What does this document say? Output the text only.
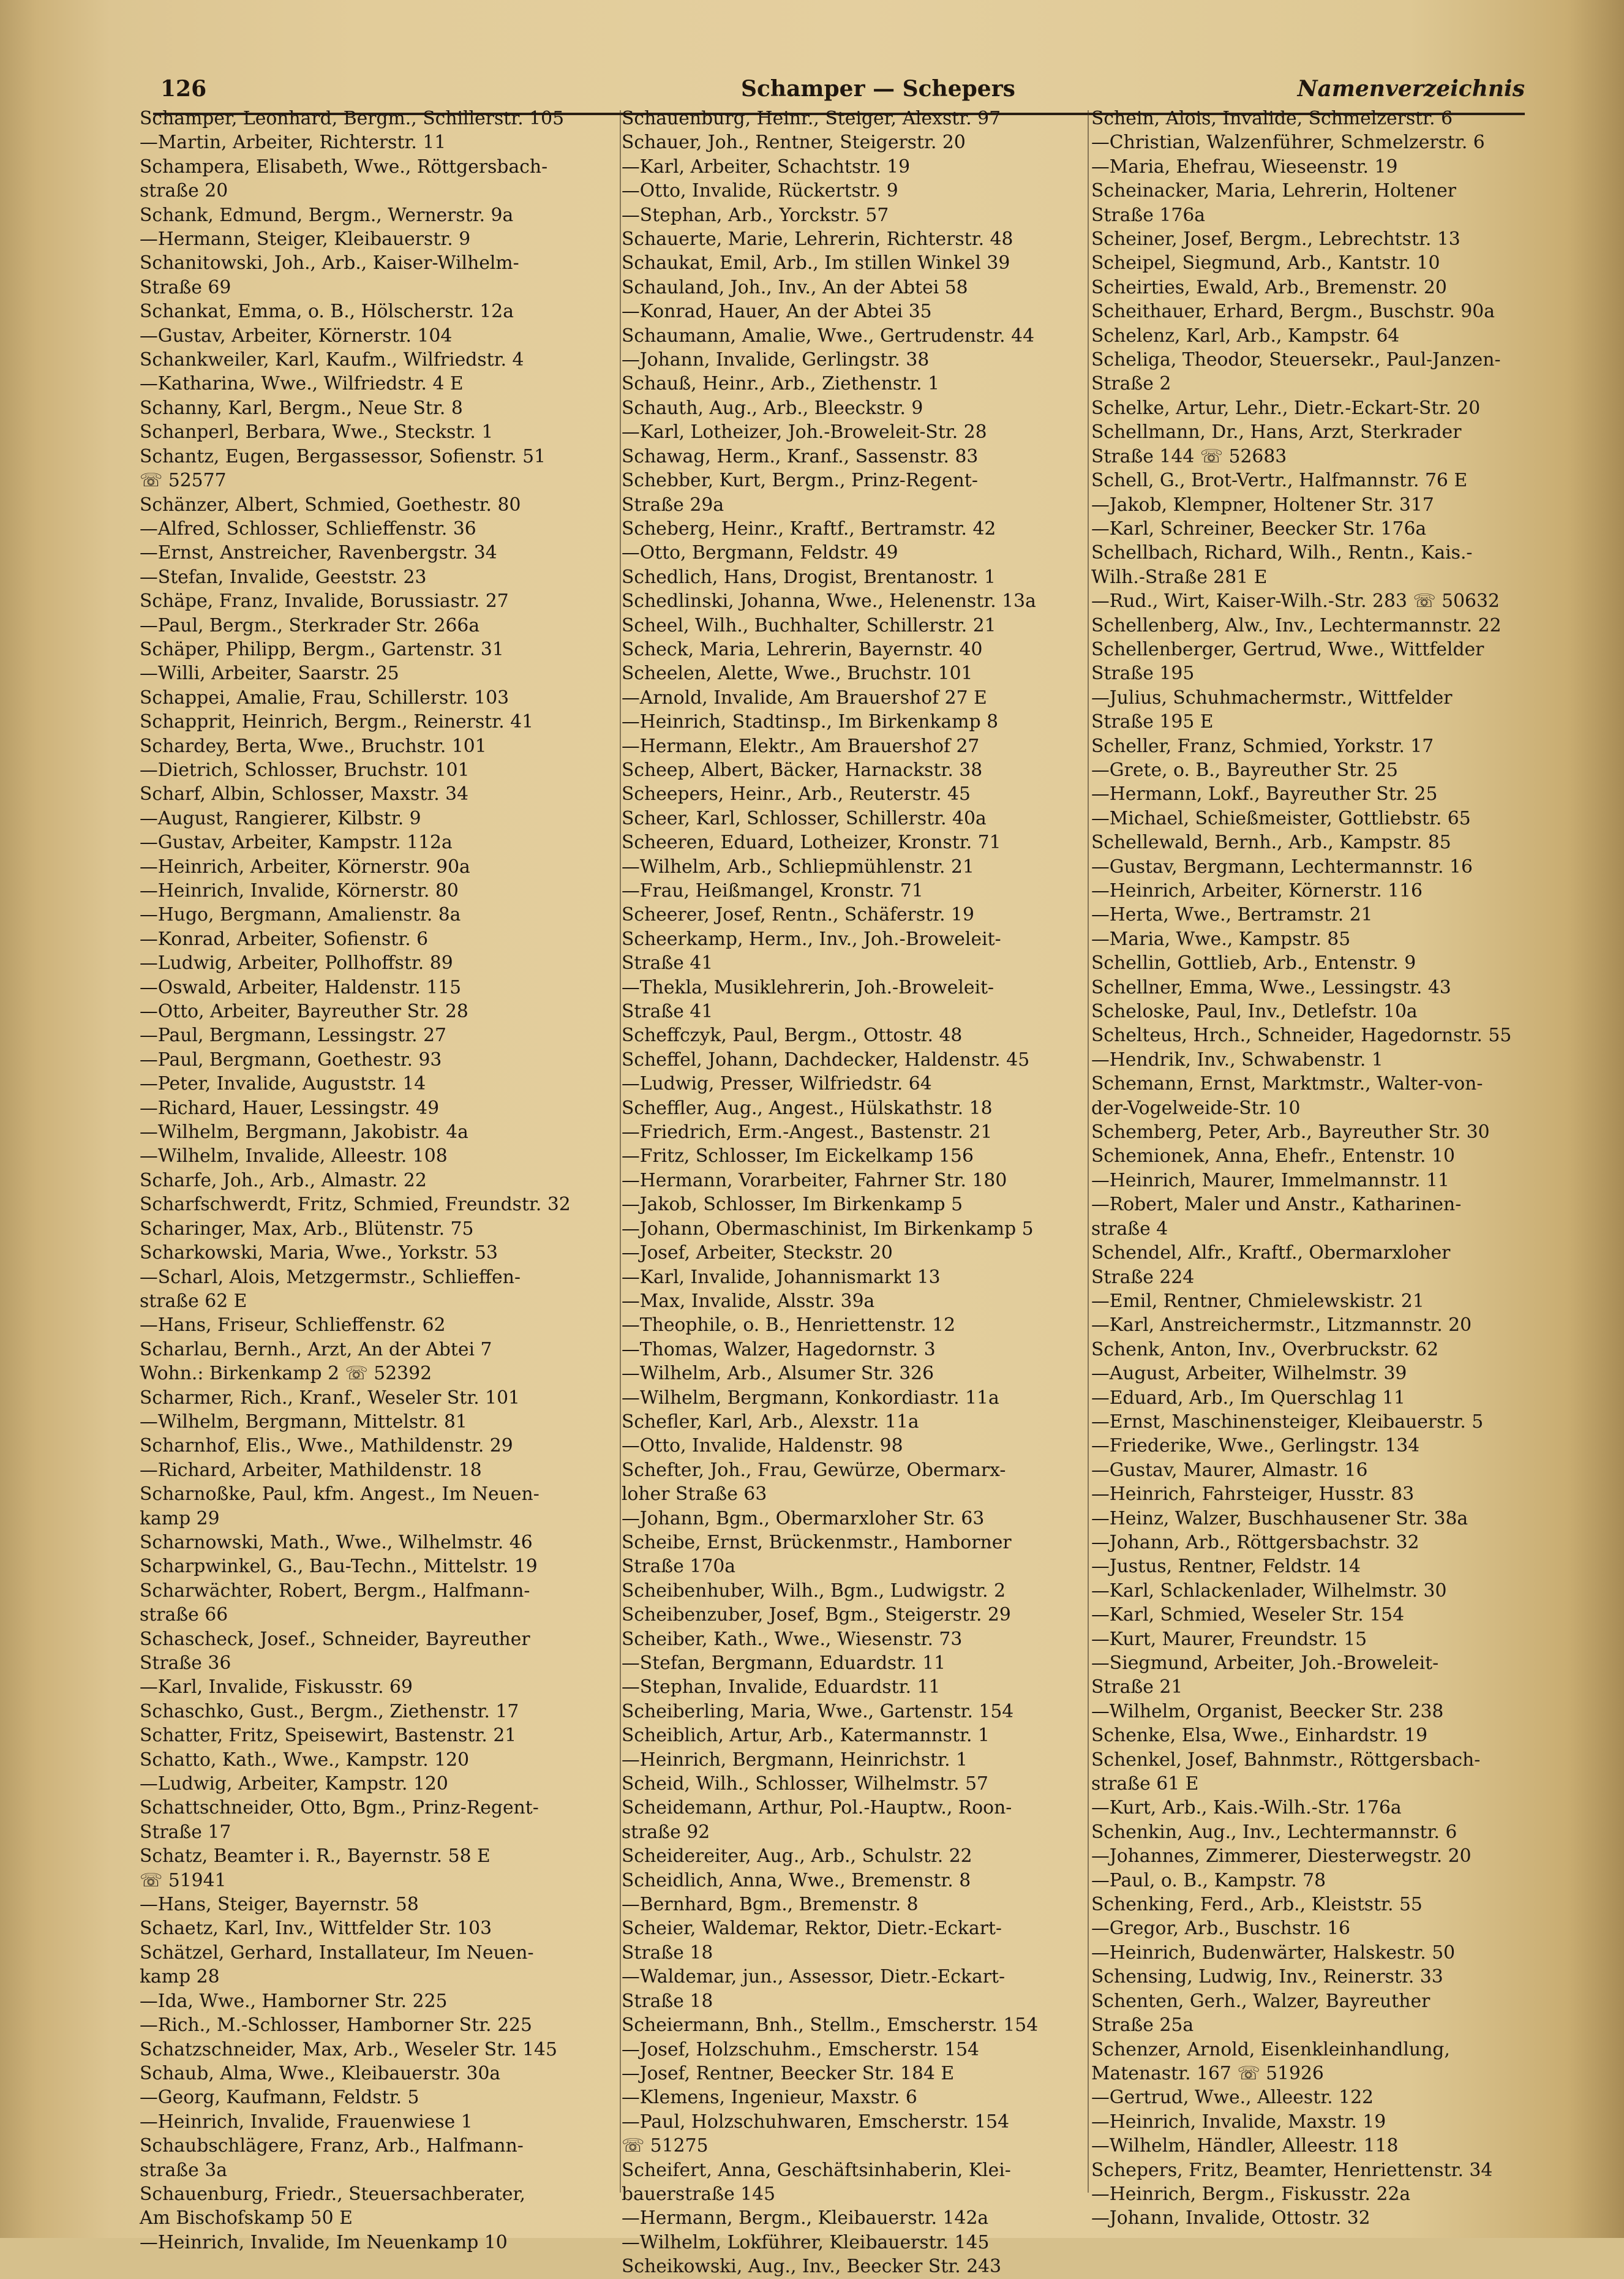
126	Schamper — Schepers	Namenverzeichnis
Schamper, Leonhard, Bergm., Schillerstr. 105
—Martin, Arbeiter, Richterstr. 11
Schampera, Elisabeth, Wwe., Röttgersbach-
straße 20
Schank, Edmund, Bergm., Wernerstr. 9a
—Hermann, Steiger, Kleibauerstr. 9
Schanitowski, Joh., Arb., Kaiser-Wilhelm-
Straße 69
Schankat, Emma, o. B., Hölscherstr. 12a
—Gustav, Arbeiter, Körnerstr. 104
Schankweiler, Karl, Kaufm., Wilfriedstr. 4
—Katharina, Wwe., Wilfriedstr. 4 E
Schanny, Karl, Bergm., Neue Str. 8
Schanperl, Berbara, Wwe., Steckstr. 1
Schantz, Eugen, Bergassessor, Sofienstr. 51
☏ 52577
Schänzer, Albert, Schmied, Goethestr. 80
—Alfred, Schlosser, Schlieffenstr. 36
—Ernst, Anstreicher, Ravenbergstr. 34
—Stefan, Invalide, Geeststr. 23
Schäpe, Franz, Invalide, Borussiastr. 27
—Paul, Bergm., Sterkrader Str. 266a
Schäper, Philipp, Bergm., Gartenstr. 31
—Willi, Arbeiter, Saarstr. 25
Schappei, Amalie, Frau, Schillerstr. 103
Schapprit, Heinrich, Bergm., Reinerstr. 41
Schardey, Berta, Wwe., Bruchstr. 101
—Dietrich, Schlosser, Bruchstr. 101
Scharf, Albin, Schlosser, Maxstr. 34
—August, Rangierer, Kilbstr. 9
—Gustav, Arbeiter, Kampstr. 112a
—Heinrich, Arbeiter, Körnerstr. 90a
—Heinrich, Invalide, Körnerstr. 80
—Hugo, Bergmann, Amalienstr. 8a
—Konrad, Arbeiter, Sofienstr. 6
—Ludwig, Arbeiter, Pollhoffstr. 89
—Oswald, Arbeiter, Haldenstr. 115
—Otto, Arbeiter, Bayreuther Str. 28
—Paul, Bergmann, Lessingstr. 27
—Paul, Bergmann, Goethestr. 93
—Peter, Invalide, Auguststr. 14
—Richard, Hauer, Lessingstr. 49
—Wilhelm, Bergmann, Jakobistr. 4a
—Wilhelm, Invalide, Alleestr. 108
Scharfe, Joh., Arb., Almastr. 22
Scharfschwerdt, Fritz, Schmied, Freundstr. 32
Scharinger, Max, Arb., Blütenstr. 75
Scharkowski, Maria, Wwe., Yorkstr. 53
—Scharl, Alois, Metzgermstr., Schlieffen-
straße 62 E
—Hans, Friseur, Schlieffenstr. 62
Scharlau, Bernh., Arzt, An der Abtei 7
Wohn.: Birkenkamp 2 ☏ 52392
Scharmer, Rich., Kranf., Weseler Str. 101
—Wilhelm, Bergmann, Mittelstr. 81
Scharnhof, Elis., Wwe., Mathildenstr. 29
—Richard, Arbeiter, Mathildenstr. 18
Scharnoßke, Paul, kfm. Angest., Im Neuen-
kamp 29
Scharnowski, Math., Wwe., Wilhelmstr. 46
Scharpwinkel, G., Bau-Techn., Mittelstr. 19
Scharwächter, Robert, Bergm., Halfmann-
straße 66
Schascheck, Josef., Schneider, Bayreuther
Straße 36
—Karl, Invalide, Fiskusstr. 69
Schaschko, Gust., Bergm., Ziethenstr. 17
Schatter, Fritz, Speisewirt, Bastenstr. 21
Schatto, Kath., Wwe., Kampstr. 120
—Ludwig, Arbeiter, Kampstr. 120
Schattschneider, Otto, Bgm., Prinz-Regent-
Straße 17
Schatz, Beamter i. R., Bayernstr. 58 E
☏ 51941
—Hans, Steiger, Bayernstr. 58
Schaetz, Karl, Inv., Wittfelder Str. 103
Schätzel, Gerhard, Installateur, Im Neuen-
kamp 28
—Ida, Wwe., Hamborner Str. 225
—Rich., M.-Schlosser, Hamborner Str. 225
Schatzschneider, Max, Arb., Weseler Str. 145
Schaub, Alma, Wwe., Kleibauerstr. 30a
—Georg, Kaufmann, Feldstr. 5
—Heinrich, Invalide, Frauenwiese 1
Schaubschlägere, Franz, Arb., Halfmann-
straße 3a
Schauenburg, Friedr., Steuersachberater,
Am Bischofskamp 50 E
—Heinrich, Invalide, Im Neuenkamp 10
Schauenburg, Heinr., Steiger, Alexstr. 97
Schauer, Joh., Rentner, Steigerstr. 20
—Karl, Arbeiter, Schachtstr. 19
—Otto, Invalide, Rückertstr. 9
—Stephan, Arb., Yorckstr. 57
Schauerte, Marie, Lehrerin, Richterstr. 48
Schaukat, Emil, Arb., Im stillen Winkel 39
Schauland, Joh., Inv., An der Abtei 58
—Konrad, Hauer, An der Abtei 35
Schaumann, Amalie, Wwe., Gertrudenstr. 44
—Johann, Invalide, Gerlingstr. 38
Schauß, Heinr., Arb., Ziethenstr. 1
Schauth, Aug., Arb., Bleeckstr. 9
—Karl, Lotheizer, Joh.-Broweleit-Str. 28
Schawag, Herm., Kranf., Sassenstr. 83
Schebber, Kurt, Bergm., Prinz-Regent-
Straße 29a
Scheberg, Heinr., Kraftf., Bertramstr. 42
—Otto, Bergmann, Feldstr. 49
Schedlich, Hans, Drogist, Brentanostr. 1
Schedlinski, Johanna, Wwe., Helenenstr. 13a
Scheel, Wilh., Buchhalter, Schillerstr. 21
Scheck, Maria, Lehrerin, Bayernstr. 40
Scheelen, Alette, Wwe., Bruchstr. 101
—Arnold, Invalide, Am Brauershof 27 E
—Heinrich, Stadtinsp., Im Birkenkamp 8
—Hermann, Elektr., Am Brauershof 27
Scheep, Albert, Bäcker, Harnackstr. 38
Scheepers, Heinr., Arb., Reuterstr. 45
Scheer, Karl, Schlosser, Schillerstr. 40a
Scheeren, Eduard, Lotheizer, Kronstr. 71
—Wilhelm, Arb., Schliepmühlenstr. 21
—Frau, Heißmangel, Kronstr. 71
Scheerer, Josef, Rentn., Schäferstr. 19
Scheerkamp, Herm., Inv., Joh.-Broweleit-
Straße 41
—Thekla, Musiklehrerin, Joh.-Broweleit-
Straße 41
Scheffczyk, Paul, Bergm., Ottostr. 48
Scheffel, Johann, Dachdecker, Haldenstr. 45
—Ludwig, Presser, Wilfriedstr. 64
Scheffler, Aug., Angest., Hülskathstr. 18
—Friedrich, Erm.-Angest., Bastenstr. 21
—Fritz, Schlosser, Im Eickelkamp 156
—Hermann, Vorarbeiter, Fahrner Str. 180
—Jakob, Schlosser, Im Birkenkamp 5
—Johann, Obermaschinist, Im Birkenkamp 5
—Josef, Arbeiter, Steckstr. 20
—Karl, Invalide, Johannismarkt 13
—Max, Invalide, Alsstr. 39a
—Theophile, o. B., Henriettenstr. 12
—Thomas, Walzer, Hagedornstr. 3
—Wilhelm, Arb., Alsumer Str. 326
—Wilhelm, Bergmann, Konkordiastr. 11a
Schefler, Karl, Arb., Alexstr. 11a
—Otto, Invalide, Haldenstr. 98
Schefter, Joh., Frau, Gewürze, Obermarx-
loher Straße 63
—Johann, Bgm., Obermarxloher Str. 63
Scheibe, Ernst, Brückenmstr., Hamborner
Straße 170a
Scheibenhuber, Wilh., Bgm., Ludwigstr. 2
Scheibenzuber, Josef, Bgm., Steigerstr. 29
Scheiber, Kath., Wwe., Wiesenstr. 73
—Stefan, Bergmann, Eduardstr. 11
—Stephan, Invalide, Eduardstr. 11
Scheiberling, Maria, Wwe., Gartenstr. 154
Scheiblich, Artur, Arb., Katermannstr. 1
—Heinrich, Bergmann, Heinrichstr. 1
Scheid, Wilh., Schlosser, Wilhelmstr. 57
Scheidemann, Arthur, Pol.-Hauptw., Roon-
straße 92
Scheidereiter, Aug., Arb., Schulstr. 22
Scheidlich, Anna, Wwe., Bremenstr. 8
—Bernhard, Bgm., Bremenstr. 8
Scheier, Waldemar, Rektor, Dietr.-Eckart-
Straße 18
—Waldemar, jun., Assessor, Dietr.-Eckart-
Straße 18
Scheiermann, Bnh., Stellm., Emscherstr. 154
—Josef, Holzschuhm., Emscherstr. 154
—Josef, Rentner, Beecker Str. 184 E
—Klemens, Ingenieur, Maxstr. 6
—Paul, Holzschuhwaren, Emscherstr. 154
☏ 51275
Scheifert, Anna, Geschäftsinhaberin, Klei-
bauerstraße 145
—Hermann, Bergm., Kleibauerstr. 142a
—Wilhelm, Lokführer, Kleibauerstr. 145
Scheikowski, Aug., Inv., Beecker Str. 243
Schein, Alois, Invalide, Schmelzerstr. 6
—Christian, Walzenführer, Schmelzerstr. 6
—Maria, Ehefrau, Wieseenstr. 19
Scheinacker, Maria, Lehrerin, Holtener
Straße 176a
Scheiner, Josef, Bergm., Lebrechtstr. 13
Scheipel, Siegmund, Arb., Kantstr. 10
Scheirties, Ewald, Arb., Bremenstr. 20
Scheithauer, Erhard, Bergm., Buschstr. 90a
Schelenz, Karl, Arb., Kampstr. 64
Scheliga, Theodor, Steuersekr., Paul-Janzen-
Straße 2
Schelke, Artur, Lehr., Dietr.-Eckart-Str. 20
Schellmann, Dr., Hans, Arzt, Sterkrader
Straße 144 ☏ 52683
Schell, G., Brot-Vertr., Halfmannstr. 76 E
—Jakob, Klempner, Holtener Str. 317
—Karl, Schreiner, Beecker Str. 176a
Schellbach, Richard, Wilh., Rentn., Kais.-
Wilh.-Straße 281 E
—Rud., Wirt, Kaiser-Wilh.-Str. 283 ☏ 50632
Schellenberg, Alw., Inv., Lechtermannstr. 22
Schellenberger, Gertrud, Wwe., Wittfelder
Straße 195
—Julius, Schuhmachermstr., Wittfelder
Straße 195 E
Scheller, Franz, Schmied, Yorkstr. 17
—Grete, o. B., Bayreuther Str. 25
—Hermann, Lokf., Bayreuther Str. 25
—Michael, Schießmeister, Gottliebstr. 65
Schellewald, Bernh., Arb., Kampstr. 85
—Gustav, Bergmann, Lechtermannstr. 16
—Heinrich, Arbeiter, Körnerstr. 116
—Herta, Wwe., Bertramstr. 21
—Maria, Wwe., Kampstr. 85
Schellin, Gottlieb, Arb., Entenstr. 9
Schellner, Emma, Wwe., Lessingstr. 43
Scheloske, Paul, Inv., Detlefstr. 10a
Schelteus, Hrch., Schneider, Hagedornstr. 55
—Hendrik, Inv., Schwabenstr. 1
Schemann, Ernst, Marktmstr., Walter-von-
der-Vogelweide-Str. 10
Schemberg, Peter, Arb., Bayreuther Str. 30
Schemionek, Anna, Ehefr., Entenstr. 10
—Heinrich, Maurer, Immelmannstr. 11
—Robert, Maler und Anstr., Katharinen-
straße 4
Schendel, Alfr., Kraftf., Obermarxloher
Straße 224
—Emil, Rentner, Chmielewskistr. 21
—Karl, Anstreichermstr., Litzmannstr. 20
Schenk, Anton, Inv., Overbruckstr. 62
—August, Arbeiter, Wilhelmstr. 39
—Eduard, Arb., Im Querschlag 11
—Ernst, Maschinensteiger, Kleibauerstr. 5
—Friederike, Wwe., Gerlingstr. 134
—Gustav, Maurer, Almastr. 16
—Heinrich, Fahrsteiger, Husstr. 83
—Heinz, Walzer, Buschhausener Str. 38a
—Johann, Arb., Röttgersbachstr. 32
—Justus, Rentner, Feldstr. 14
—Karl, Schlackenlader, Wilhelmstr. 30
—Karl, Schmied, Weseler Str. 154
—Kurt, Maurer, Freundstr. 15
—Siegmund, Arbeiter, Joh.-Broweleit-
Straße 21
—Wilhelm, Organist, Beecker Str. 238
Schenke, Elsa, Wwe., Einhardstr. 19
Schenkel, Josef, Bahnmstr., Röttgersbach-
straße 61 E
—Kurt, Arb., Kais.-Wilh.-Str. 176a
Schenkin, Aug., Inv., Lechtermannstr. 6
—Johannes, Zimmerer, Diesterwegstr. 20
—Paul, o. B., Kampstr. 78
Schenking, Ferd., Arb., Kleiststr. 55
—Gregor, Arb., Buschstr. 16
—Heinrich, Budenwärter, Halskestr. 50
Schensing, Ludwig, Inv., Reinerstr. 33
Schenten, Gerh., Walzer, Bayreuther
Straße 25a
Schenzer, Arnold, Eisenkleinhandlung,
Matenastr. 167 ☏ 51926
—Gertrud, Wwe., Alleestr. 122
—Heinrich, Invalide, Maxstr. 19
—Wilhelm, Händler, Alleestr. 118
Schepers, Fritz, Beamter, Henriettenstr. 34
—Heinrich, Bergm., Fiskusstr. 22a
—Johann, Invalide, Ottostr. 32
